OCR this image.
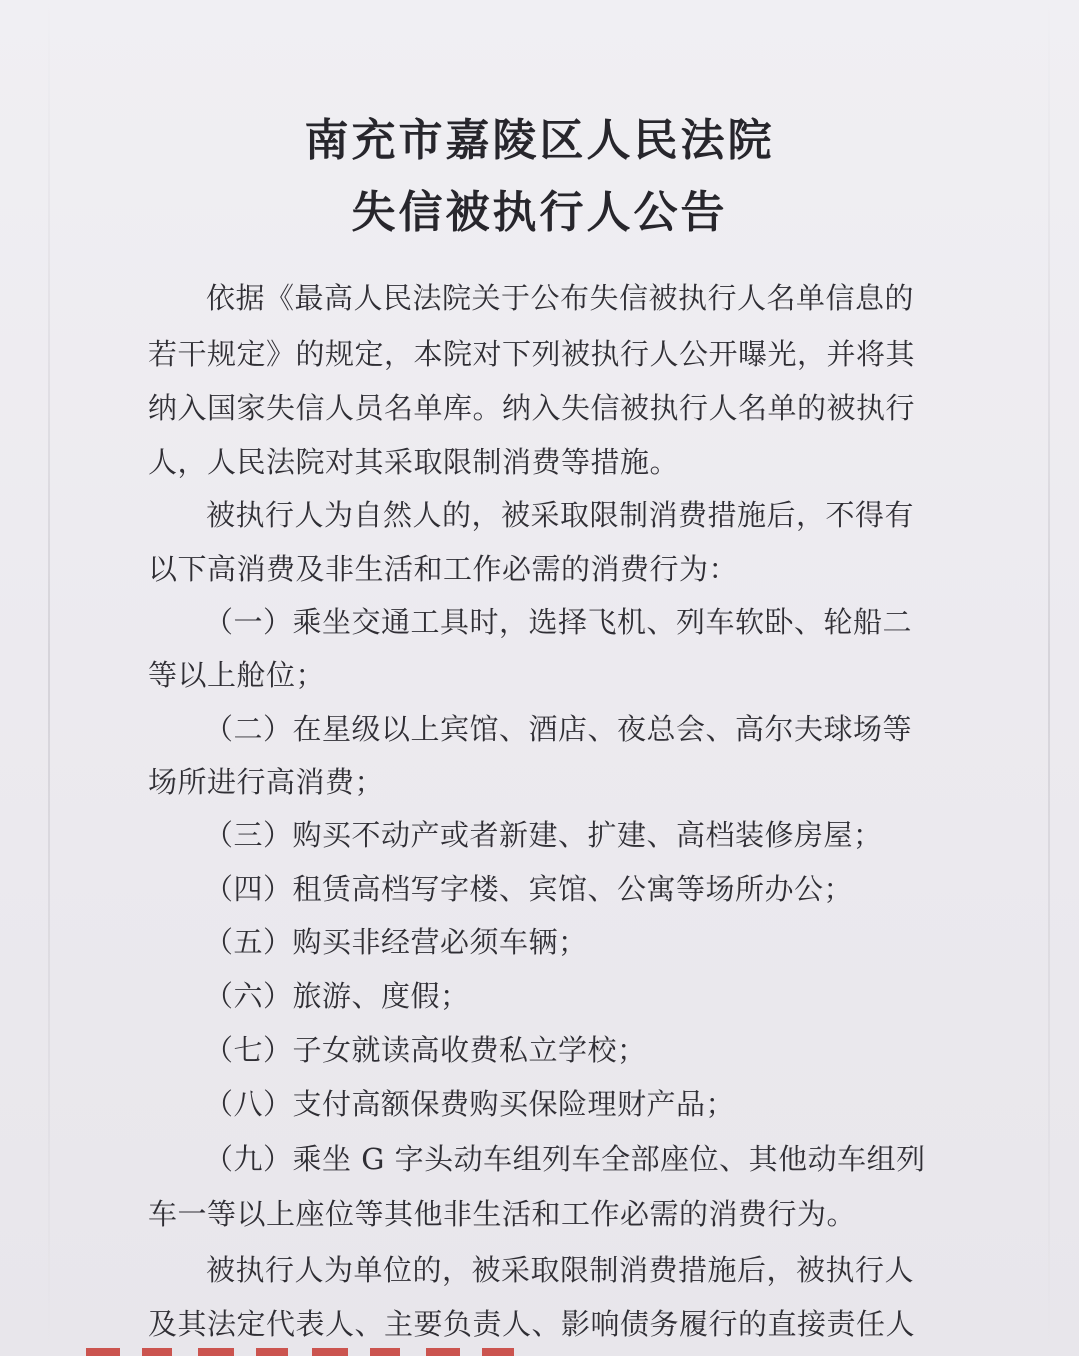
南充市嘉陵区人民法院
失信被执行人公告
依据《最高人民法院关于公布失信被执行人名单信息的
若干规定》的规定，本院对下列被执行人公开曝光，并将其
纳入国家失信人员名单库。纳入失信被执行人名单的被执行
人，人民法院对其采取限制消费等措施。
被执行人为自然人的，被采取限制消费措施后，不得有
以下高消费及非生活和工作必需的消费行为：
（一）乘坐交通工具时，选择飞机、列车软卧、轮船二
等以上舱位；
（二）在星级以上宾馆、酒店、夜总会、高尔夫球场等
场所进行高消费；
（三）购买不动产或者新建、扩建、高档装修房屋；
（四）租赁高档写字楼、宾馆、公寓等场所办公；
（五）购买非经营必须车辆；
（六）旅游、度假；
（七）子女就读高收费私立学校；
（八）支付高额保费购买保险理财产品；
（九）乘坐 G 字头动车组列车全部座位、其他动车组列
车一等以上座位等其他非生活和工作必需的消费行为。
被执行人为单位的，被采取限制消费措施后，被执行人
及其法定代表人、主要负责人、影响债务履行的直接责任人
